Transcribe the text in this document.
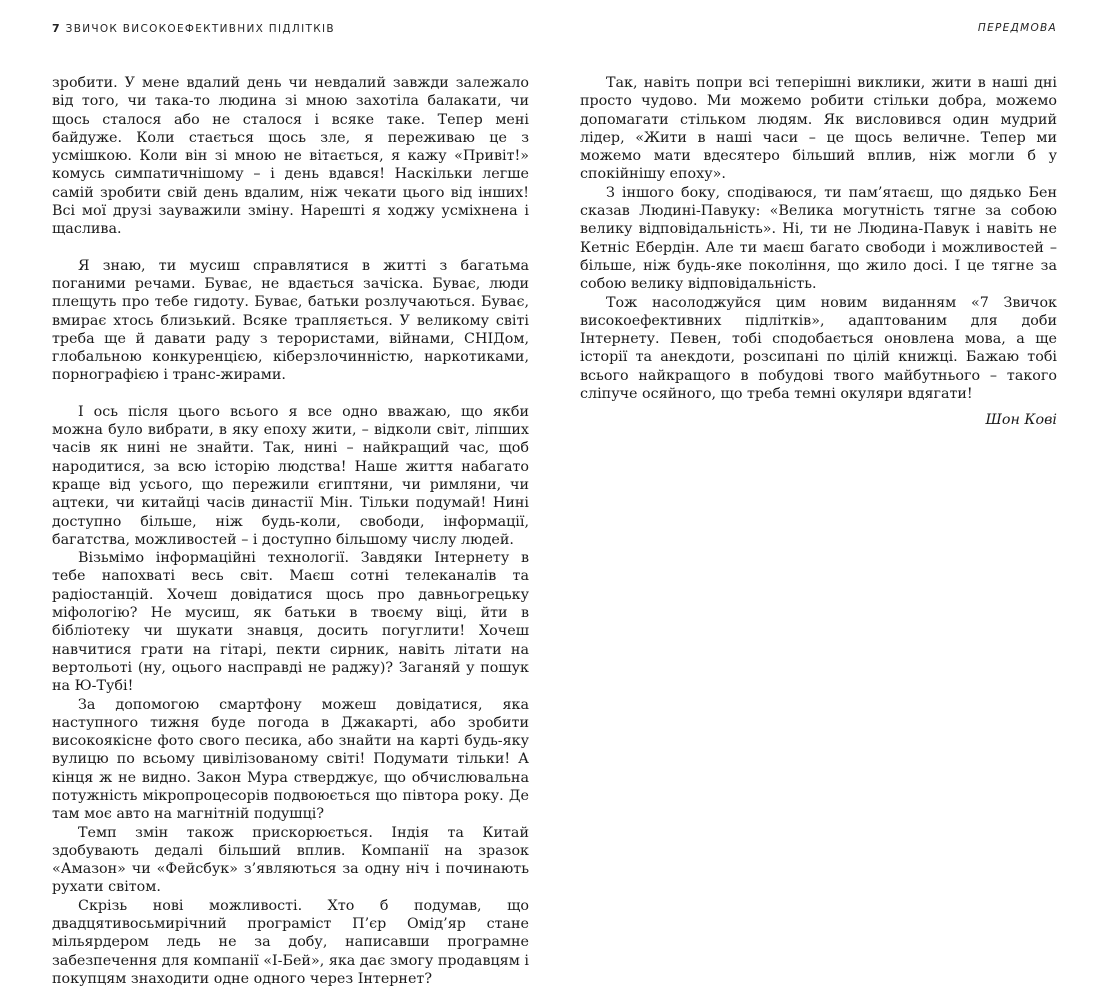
7 ЗВИЧОК ВИСОКОЕФЕКТИВНИХ ПІДЛІТКІВ	ПЕРЕДМОВА

зробити. У мене вдалий день чи невдалий завжди залежало від того, чи така-то людина зі мною захотіла балакати, чи щось сталося або не сталося і всяке таке. Тепер мені байдуже. Коли стається щось зле, я переживаю це з усмішкою. Коли він зі мною не вітається, я кажу «Привіт!» комусь симпатичнішому – і день вдався! Наскільки легше самій зробити свій день вдалим, ніж чекати цього від інших! Всі мої друзі зауважили зміну. Нарешті я ходжу усміхнена і щаслива.

Я знаю, ти мусиш справлятися в житті з багатьма поганими речами. Буває, не вдається зачіска. Буває, люди плещуть про тебе гидоту. Буває, батьки розлучаються. Буває, вмирає хтось близький. Всяке трапляється. У великому світі треба ще й давати раду з терористами, війнами, СНІДом, глобальною конкуренцією, кіберзлочинністю, наркотиками, порнографією і транс-жирами.

І ось після цього всього я все одно вважаю, що якби можна було вибрати, в яку епоху жити, – відколи світ, ліпших часів як нині не знайти. Так, нині – найкращий час, щоб народитися, за всю історію людства! Наше життя набагато краще від усього, що пережили єгиптяни, чи римляни, чи ацтеки, чи китайці часів династії Мін. Тільки подумай! Нині доступно більше, ніж будь-коли, свободи, інформації, багатства, можливостей – і доступно більшому числу людей.

Візьмімо інформаційні технології. Завдяки Інтернету в тебе напохваті весь світ. Маєш сотні телеканалів та радіостанцій. Хочеш довідатися щось про давньогрецьку міфологію? Не мусиш, як батьки в твоєму віці, йти в бібліотеку чи шукати знавця, досить погуглити! Хочеш навчитися грати на гітарі, пекти сирник, навіть літати на вертольоті (ну, оцього насправді не раджу)? Заганяй у пошук на Ю-Тубі!

За допомогою смартфону можеш довідатися, яка наступного тижня буде погода в Джакарті, або зробити високоякісне фото свого песика, або знайти на карті будь-яку вулицю по всьому цивілізованому світі! Подумати тільки! А кінця ж не видно. Закон Мура стверджує, що обчислювальна потужність мікропроцесорів подвоюється що півтора року. Де там моє авто на магнітній подушці?

Темп змін також прискорюється. Індія та Китай здобувають дедалі більший вплив. Компанії на зразок «Амазон» чи «Фейсбук» з’являються за одну ніч і починають рухати світом.

Скрізь нові можливості. Хто б подумав, що двадцятивосьмирічний програміст П’єр Омід’яр стане мільярдером ледь не за добу, написавши програмне забезпечення для компанії «І-Бей», яка дає змогу продавцям і покупцям знаходити одне одного через Інтернет?

Так, навіть попри всі теперішні виклики, жити в наші дні просто чудово. Ми можемо робити стільки добра, можемо допомагати стільком людям. Як висловився один мудрий лідер, «Жити в наші часи – це щось величне. Тепер ми можемо мати вдесятеро більший вплив, ніж могли б у спокійнішу епоху».

З іншого боку, сподіваюся, ти пам’ятаєш, що дядько Бен сказав Людині-Павуку: «Велика могутність тягне за собою велику відповідальність». Ні, ти не Людина-Павук і навіть не Кетніс Ебердін. Але ти маєш багато свободи і можливостей – більше, ніж будь-яке покоління, що жило досі. І це тягне за собою велику відповідальність.

Тож насолоджуйся цим новим виданням «7 Звичок високоефективних підлітків», адаптованим для доби Інтернету. Певен, тобі сподобається оновлена мова, а ще історії та анекдоти, розсипані по цілій книжці. Бажаю тобі всього найкращого в побудові твого майбутнього – такого сліпуче осяйного, що треба темні окуляри вдягати!

Шон Кові
